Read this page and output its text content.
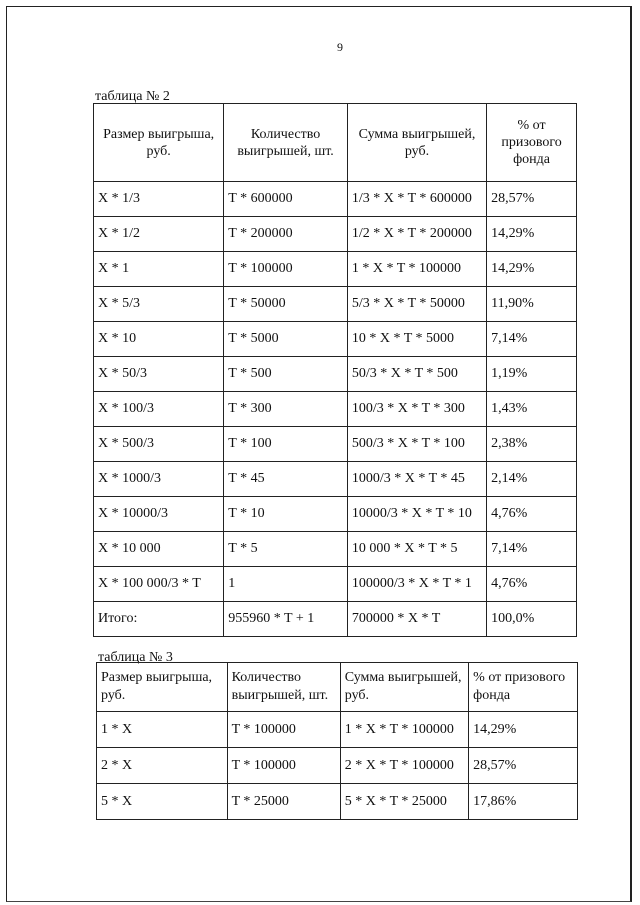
9
таблица № 2
Размер выигрыша, руб.	Количество выигрышей, шт.	Сумма выигрышей, руб.	% от призового фонда
X * 1/3	T * 600000	1/3 * X * T * 600000	28,57%
X * 1/2	T * 200000	1/2 * X * T * 200000	14,29%
X * 1	T * 100000	1 * X * T * 100000	14,29%
X * 5/3	T * 50000	5/3 * X * T * 50000	11,90%
X * 10	T * 5000	10 * X * T * 5000	7,14%
X * 50/3	T * 500	50/3 * X * T * 500	1,19%
X * 100/3	T * 300	100/3 * X * T * 300	1,43%
X * 500/3	T * 100	500/3 * X * T * 100	2,38%
X * 1000/3	T * 45	1000/3 * X * T * 45	2,14%
X * 10000/3	T * 10	10000/3 * X * T * 10	4,76%
X * 10 000	T * 5	10 000 * X * T * 5	7,14%
X * 100 000/3 * T	1	100000/3 * X * T * 1	4,76%
Итого:	955960 * T + 1	700000 * X * T	100,0%
таблица № 3
Размер выигрыша, руб.	Количество выигрышей, шт.	Сумма выигрышей, руб.	% от призового фонда
1 * X	T * 100000	1 * X * T * 100000	14,29%
2 * X	T * 100000	2 * X * T * 100000	28,57%
5 * X	T * 25000	5 * X * T * 25000	17,86%
